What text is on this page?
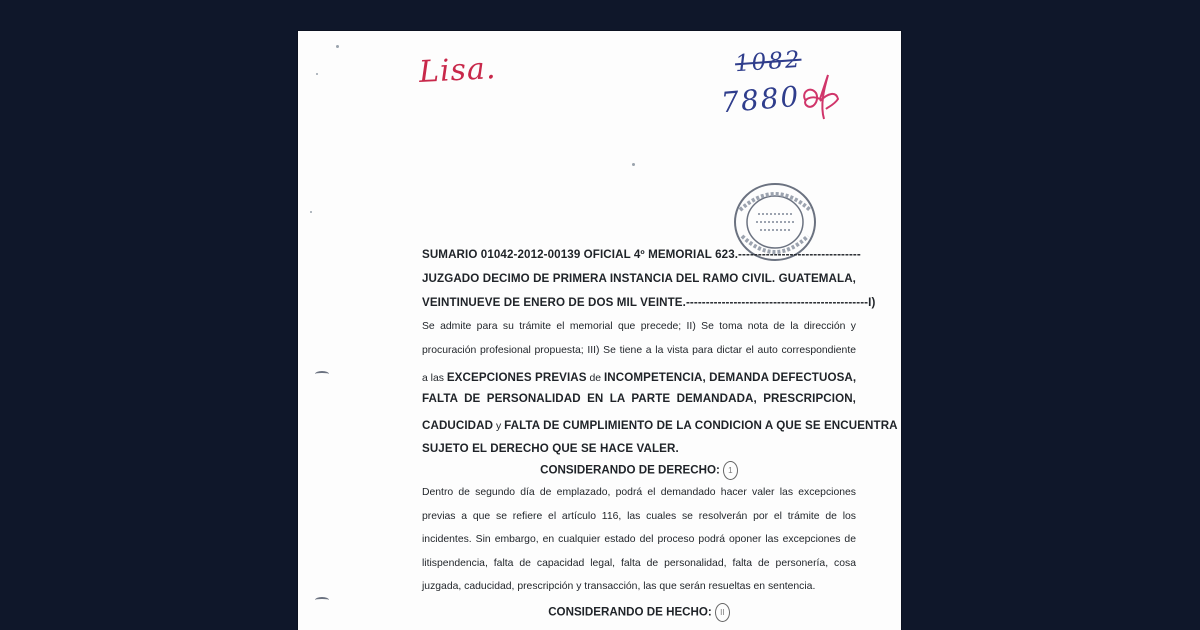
Lisa.	1082

7880

SUMARIO 01042-2012-00139 OFICIAL 4º MEMORIAL 623.-------------------------------

JUZGADO DECIMO DE PRIMERA INSTANCIA DEL RAMO CIVIL. GUATEMALA,

VEINTINUEVE DE ENERO DE DOS MIL VEINTE.----------------------------------------------I)

Se admite para su trámite el memorial que precede; II) Se toma nota de la dirección y

procuración profesional propuesta; III) Se tiene a la vista para dictar el auto correspondiente

a las EXCEPCIONES PREVIAS de INCOMPETENCIA, DEMANDA DEFECTUOSA,

FALTA DE PERSONALIDAD EN LA PARTE DEMANDADA, PRESCRIPCION,

CADUCIDAD y FALTA DE CUMPLIMIENTO DE LA CONDICION A QUE SE ENCUENTRA

SUJETO EL DERECHO QUE SE HACE VALER.

CONSIDERANDO DE DERECHO: 1

Dentro de segundo día de emplazado, podrá el demandado hacer valer las excepciones

previas a que se refiere el artículo 116, las cuales se resolverán por el trámite de los

incidentes. Sin embargo, en cualquier estado del proceso podrá oponer las excepciones de

litispendencia, falta de capacidad legal, falta de personalidad, falta de personería, cosa

juzgada, caducidad, prescripción y transacción, las que serán resueltas en sentencia.

CONSIDERANDO DE HECHO: II
